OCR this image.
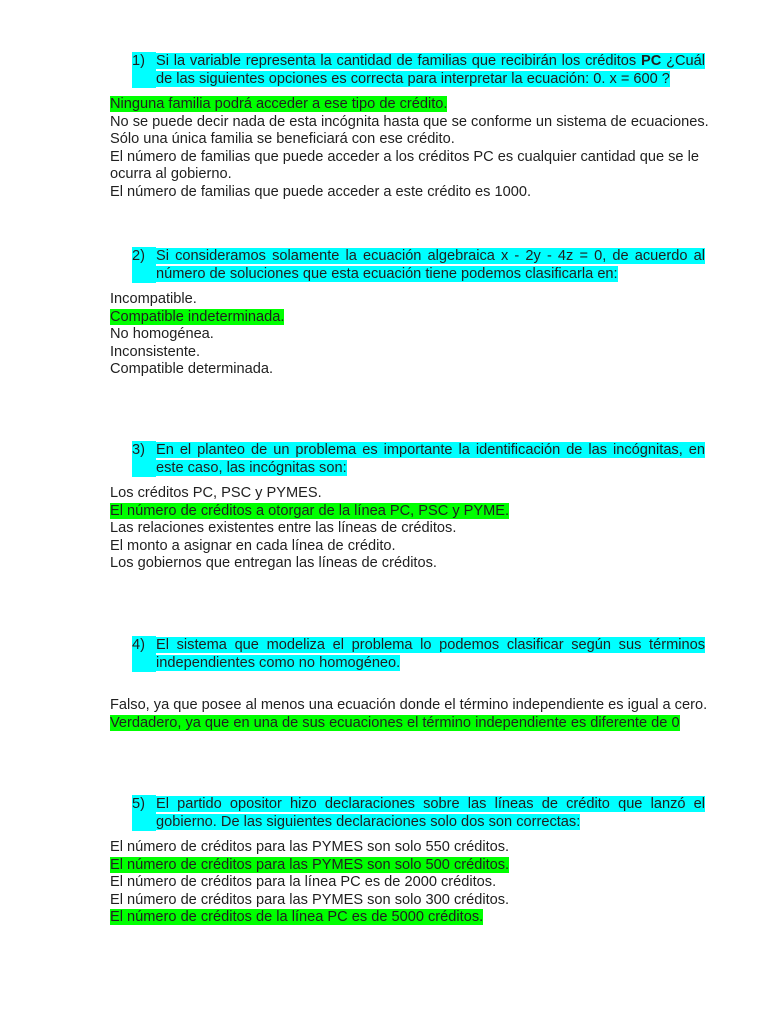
1) Si la variable representa la cantidad de familias que recibirán los créditos PC ¿Cuál de las siguientes opciones es correcta para interpretar la ecuación: 0. x = 600 ?
Ninguna familia podrá acceder a ese tipo de crédito.
No se puede decir nada de esta incógnita hasta que se conforme un sistema de ecuaciones.
Sólo una única familia se beneficiará con ese crédito.
El número de familias que puede acceder a los créditos PC es cualquier cantidad que se le ocurra al gobierno.
El número de familias que puede acceder a este crédito es 1000.
2) Si consideramos solamente la ecuación algebraica x - 2y - 4z = 0, de acuerdo al número de soluciones que esta ecuación tiene podemos clasificarla en:
Incompatible.
Compatible indeterminada.
No homogénea.
Inconsistente.
Compatible determinada.
3) En el planteo de un problema es importante la identificación de las incógnitas, en este caso, las incógnitas son:
Los créditos PC, PSC y PYMES.
El número de créditos a otorgar de la línea PC, PSC y PYME.
Las relaciones existentes entre las líneas de créditos.
El monto a asignar en cada línea de crédito.
Los gobiernos que entregan las líneas de créditos.
4) El sistema que modeliza el problema lo podemos clasificar según sus términos independientes como no homogéneo.
Falso, ya que posee al menos una ecuación donde el término independiente es igual a cero.
Verdadero, ya que en una de sus ecuaciones el término independiente es diferente de 0
5) El partido opositor hizo declaraciones sobre las líneas de crédito que lanzó el gobierno. De las siguientes declaraciones solo dos son correctas:
El número de créditos para las PYMES son solo 550 créditos.
El número de créditos para las PYMES son solo 500 créditos.
El número de créditos para la línea PC es de 2000 créditos.
El número de créditos para las PYMES son solo 300 créditos.
El número de créditos de la línea PC es de 5000 créditos.
